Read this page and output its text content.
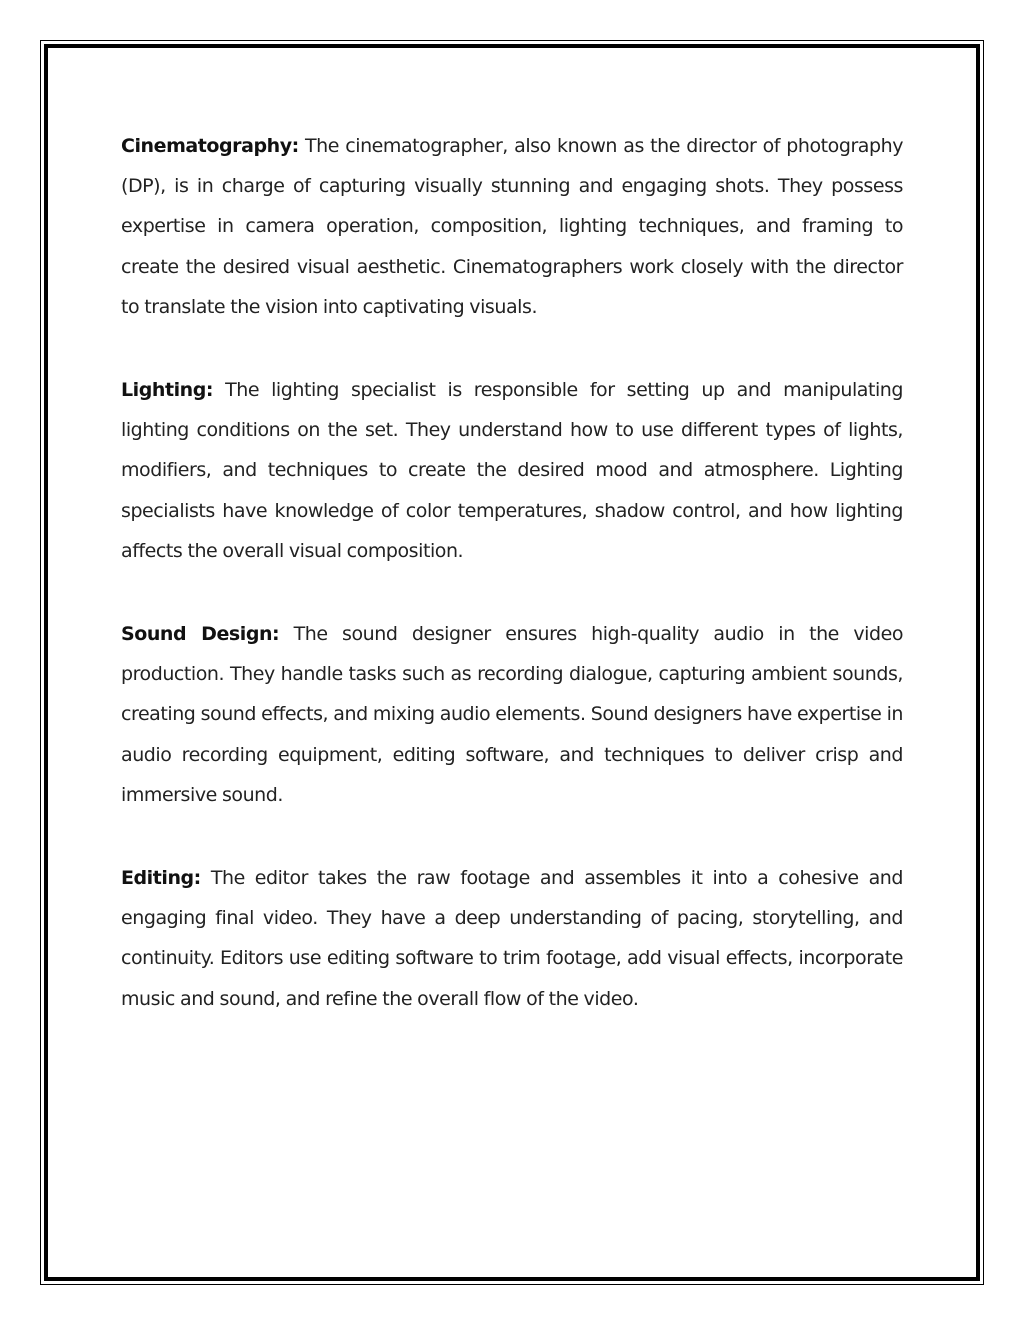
Cinematography: The cinematographer, also known as the director of photography (DP), is in charge of capturing visually stunning and engaging shots. They possess expertise in camera operation, composition, lighting techniques, and framing to create the desired visual aesthetic. Cinematographers work closely with the director to translate the vision into captivating visuals.

Lighting: The lighting specialist is responsible for setting up and manipulating lighting conditions on the set. They understand how to use different types of lights, modifiers, and techniques to create the desired mood and atmosphere. Lighting specialists have knowledge of color temperatures, shadow control, and how lighting affects the overall visual composition.

Sound Design: The sound designer ensures high-quality audio in the video production. They handle tasks such as recording dialogue, capturing ambient sounds, creating sound effects, and mixing audio elements. Sound designers have expertise in audio recording equipment, editing software, and techniques to deliver crisp and immersive sound.

Editing: The editor takes the raw footage and assembles it into a cohesive and engaging final video. They have a deep understanding of pacing, storytelling, and continuity. Editors use editing software to trim footage, add visual effects, incorporate music and sound, and refine the overall flow of the video.
